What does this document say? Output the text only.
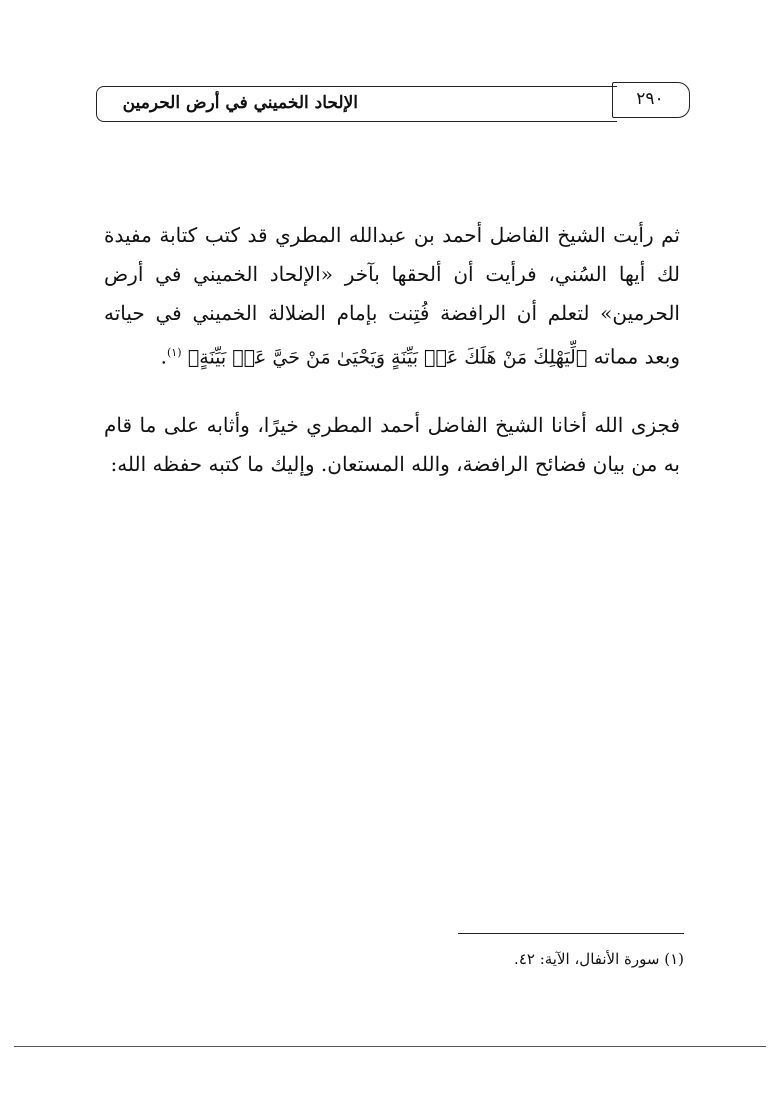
الإلحاد الخميني في أرض الحرمين	٢٩٠

ثم رأيت الشيخ الفاضل أحمد بن عبدالله المطري قد كتب كتابة مفيدة لك أيها السُني، فرأيت أن ألحقها بآخر «الإلحاد الخميني في أرض الحرمين» لتعلم أن الرافضة فُتِنت بإمام الضلالة الخميني في حياته وبعد مماته ﴿لِّيَهْلِكَ مَنْ هَلَكَ عَنۢ بَيِّنَةٍ وَيَحْيَىٰ مَنْ حَيَّ عَنۢ بَيِّنَةٍ﴾ $^{(١)}$.

فجزى الله أخانا الشيخ الفاضل أحمد المطري خيرًا، وأثابه على ما قام به من بيان فضائح الرافضة، والله المستعان. وإليك ما كتبه حفظه الله:

(١) سورة الأنفال، الآية: ٤٢.
